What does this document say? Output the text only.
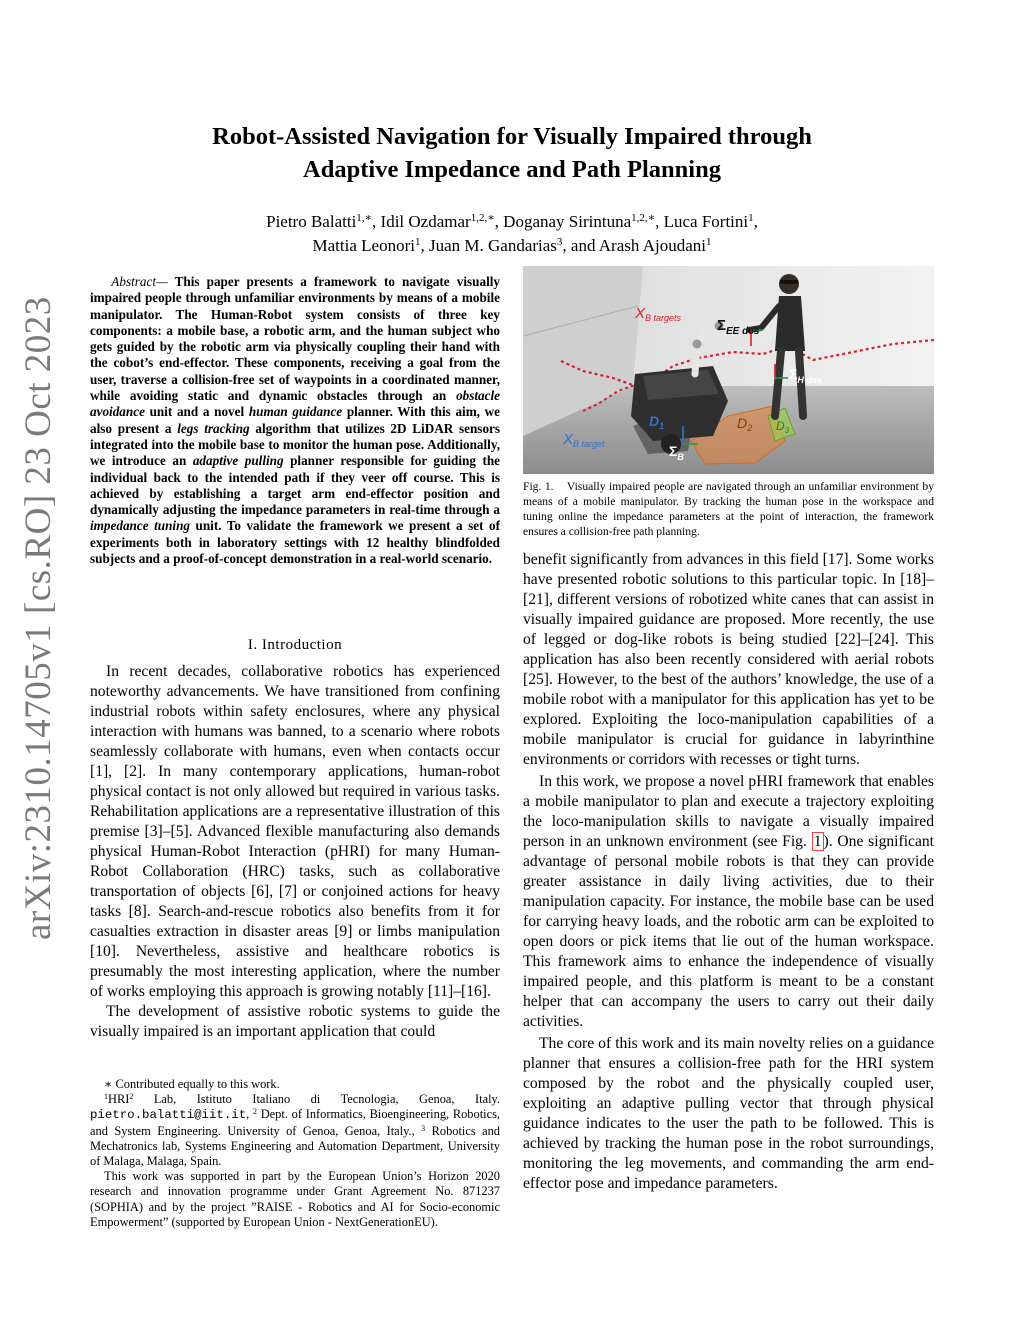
arXiv:2310.14705v1 [cs.RO] 23 Oct 2023
Robot-Assisted Navigation for Visually Impaired through
Adaptive Impedance and Path Planning
Pietro Balatti$^{1,∗}$, Idil Ozdamar$^{1,2,∗}$, Doganay Sirintuna$^{1,2,∗}$, Luca Fortini$^1$,
Mattia Leonori$^1$, Juan M. Gandarias$^3$, and Arash Ajoudani$^1$
Abstract— This paper presents a framework to navigate visually impaired people through unfamiliar environments by means of a mobile manipulator. The Human-Robot system consists of three key components: a mobile base, a robotic arm, and the human subject who gets guided by the robotic arm via physically coupling their hand with the cobot’s end-effector. These components, receiving a goal from the user, traverse a collision-free set of waypoints in a coordinated manner, while avoiding static and dynamic obstacles through an obstacle avoidance unit and a novel human guidance planner. With this aim, we also present a legs tracking algorithm that utilizes 2D LiDAR sensors integrated into the mobile base to monitor the human pose. Additionally, we introduce an adaptive pulling planner responsible for guiding the individual back to the intended path if they veer off course. This is achieved by establishing a target arm end-effector position and dynamically adjusting the impedance parameters in real-time through a impedance tuning unit. To validate the framework we present a set of experiments both in laboratory settings with 12 healthy blindfolded subjects and a proof-of-concept demonstration in a real-world scenario.
I. Introduction

In recent decades, collaborative robotics has experienced noteworthy advancements. We have transitioned from confining industrial robots within safety enclosures, where any physical interaction with humans was banned, to a scenario where robots seamlessly collaborate with humans, even when contacts occur [1], [2]. In many contemporary applications, human-robot physical contact is not only allowed but required in various tasks. Rehabilitation applications are a representative illustration of this premise [3]–[5]. Advanced flexible manufacturing also demands physical Human-Robot Interaction (pHRI) for many Human-Robot Collaboration (HRC) tasks, such as collaborative transportation of objects [6], [7] or conjoined actions for heavy tasks [8]. Search-and-rescue robotics also benefits from it for casualties extraction in disaster areas [9] or limbs manipulation [10]. Nevertheless, assistive and healthcare robotics is presumably the most interesting application, where the number of works employing this approach is growing notably [11]–[16].

The development of assistive robotic systems to guide the visually impaired is an important application that could

∗ Contributed equally to this work.

$^1$HRI$^2$ Lab, Istituto Italiano di Tecnologia, Genoa, Italy. pietro.balatti@iit.it, $^2$ Dept. of Informatics, Bioengineering, Robotics, and System Engineering. University of Genoa, Genoa, Italy., $^3$ Robotics and Mechatronics lab, Systems Engineering and Automation Department, University of Malaga, Malaga, Spain.

This work was supported in part by the European Union’s Horizon 2020 research and innovation programme under Grant Agreement No. 871237 (SOPHIA) and by the project ”RAISE - Robotics and AI for Socio-economic Empowerment” (supported by European Union - NextGenerationEU).

$X_{B targets}$ $\Sigma_{EE des}$
$\Sigma_{H des}$
$X_{B target}$
$D_1$	$D_2$ $D_3$
$\Sigma_B$
Fig. 1. Visually impaired people are navigated through an unfamiliar environment by means of a mobile manipulator. By tracking the human pose in the workspace and tuning online the impedance parameters at the point of interaction, the framework ensures a collision-free path planning.

benefit significantly from advances in this field [17]. Some works have presented robotic solutions to this particular topic. In [18]–[21], different versions of robotized white canes that can assist in visually impaired guidance are proposed. More recently, the use of legged or dog-like robots is being studied [22]–[24]. This application has also been recently considered with aerial robots [25]. However, to the best of the authors’ knowledge, the use of a mobile robot with a manipulator for this application has yet to be explored. Exploiting the loco-manipulation capabilities of a mobile manipulator is crucial for guidance in labyrinthine environments or corridors with recesses or tight turns.

In this work, we propose a novel pHRI framework that enables a mobile manipulator to plan and execute a trajectory exploiting the loco-manipulation skills to navigate a visually impaired person in an unknown environment (see Fig. 1 ). One significant advantage of personal mobile robots is that they can provide greater assistance in daily living activities, due to their manipulation capacity. For instance, the mobile base can be used for carrying heavy loads, and the robotic arm can be exploited to open doors or pick items that lie out of the human workspace. This framework aims to enhance the independence of visually impaired people, and this platform is meant to be a constant helper that can accompany the users to carry out their daily activities.

The core of this work and its main novelty relies on a guidance planner that ensures a collision-free path for the HRI system composed by the robot and the physically coupled user, exploiting an adaptive pulling vector that through physical guidance indicates to the user the path to be followed. This is achieved by tracking the human pose in the robot surroundings, monitoring the leg movements, and commanding the arm end-effector pose and impedance parameters.
